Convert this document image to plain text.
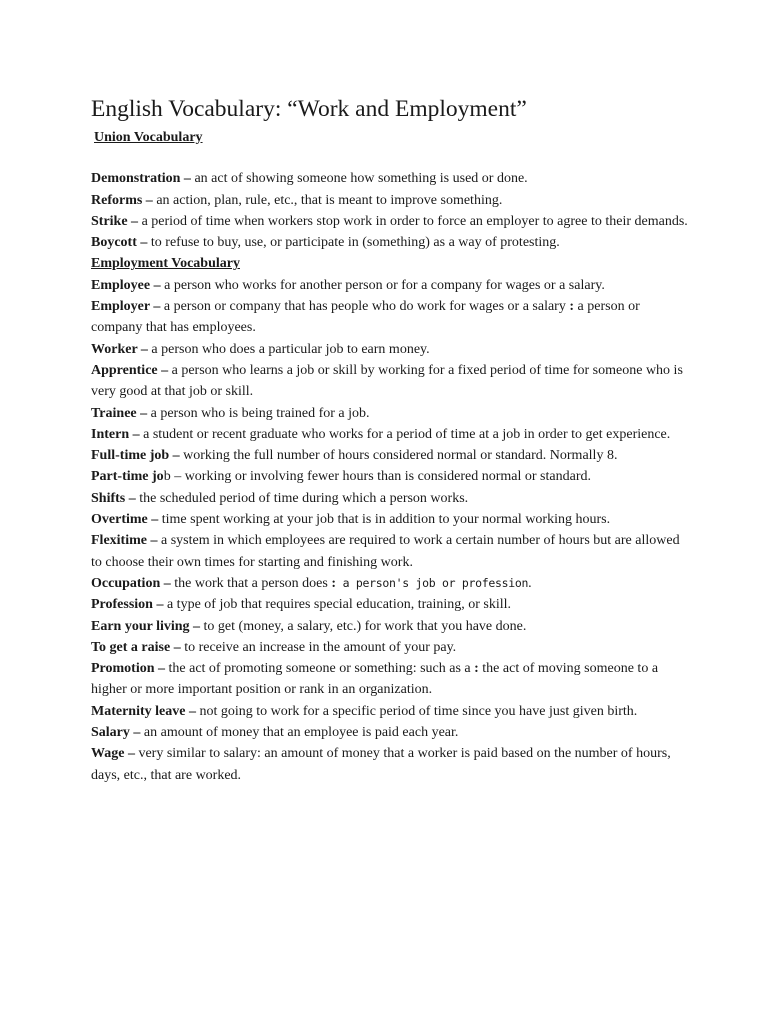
English Vocabulary: “Work and Employment”
Union Vocabulary

Demonstration – an act of showing someone how something is used or done.

Reforms – an action, plan, rule, etc., that is meant to improve something.

Strike – a period of time when workers stop work in order to force an employer to agree to their demands.

Boycott – to refuse to buy, use, or participate in (something) as a way of protesting.

Employment Vocabulary

Employee – a person who works for another person or for a company for wages or a salary.

Employer – a person or company that has people who do work for wages or a salary : a person or company that has employees.

Worker – a person who does a particular job to earn money.

Apprentice – a person who learns a job or skill by working for a fixed period of time for someone who is very good at that job or skill.

Trainee – a person who is being trained for a job.

Intern – a student or recent graduate who works for a period of time at a job in order to get experience.

Full-time job – working the full number of hours considered normal or standard. Normally 8.

Part-time job – working or involving fewer hours than is considered normal or standard.

Shifts – the scheduled period of time during which a person works.

Overtime – time spent working at your job that is in addition to your normal working hours.

Flexitime – a system in which employees are required to work a certain number of hours but are allowed to choose their own times for starting and finishing work.

Occupation – the work that a person does : a person's job or profession.

Profession – a type of job that requires special education, training, or skill.

Earn your living – to get (money, a salary, etc.) for work that you have done.

To get a raise – to receive an increase in the amount of your pay.

Promotion – the act of promoting someone or something: such as a : the act of moving someone to a higher or more important position or rank in an organization.

Maternity leave – not going to work for a specific period of time since you have just given birth.

Salary – an amount of money that an employee is paid each year.

Wage – very similar to salary: an amount of money that a worker is paid based on the number of hours, days, etc., that are worked.
